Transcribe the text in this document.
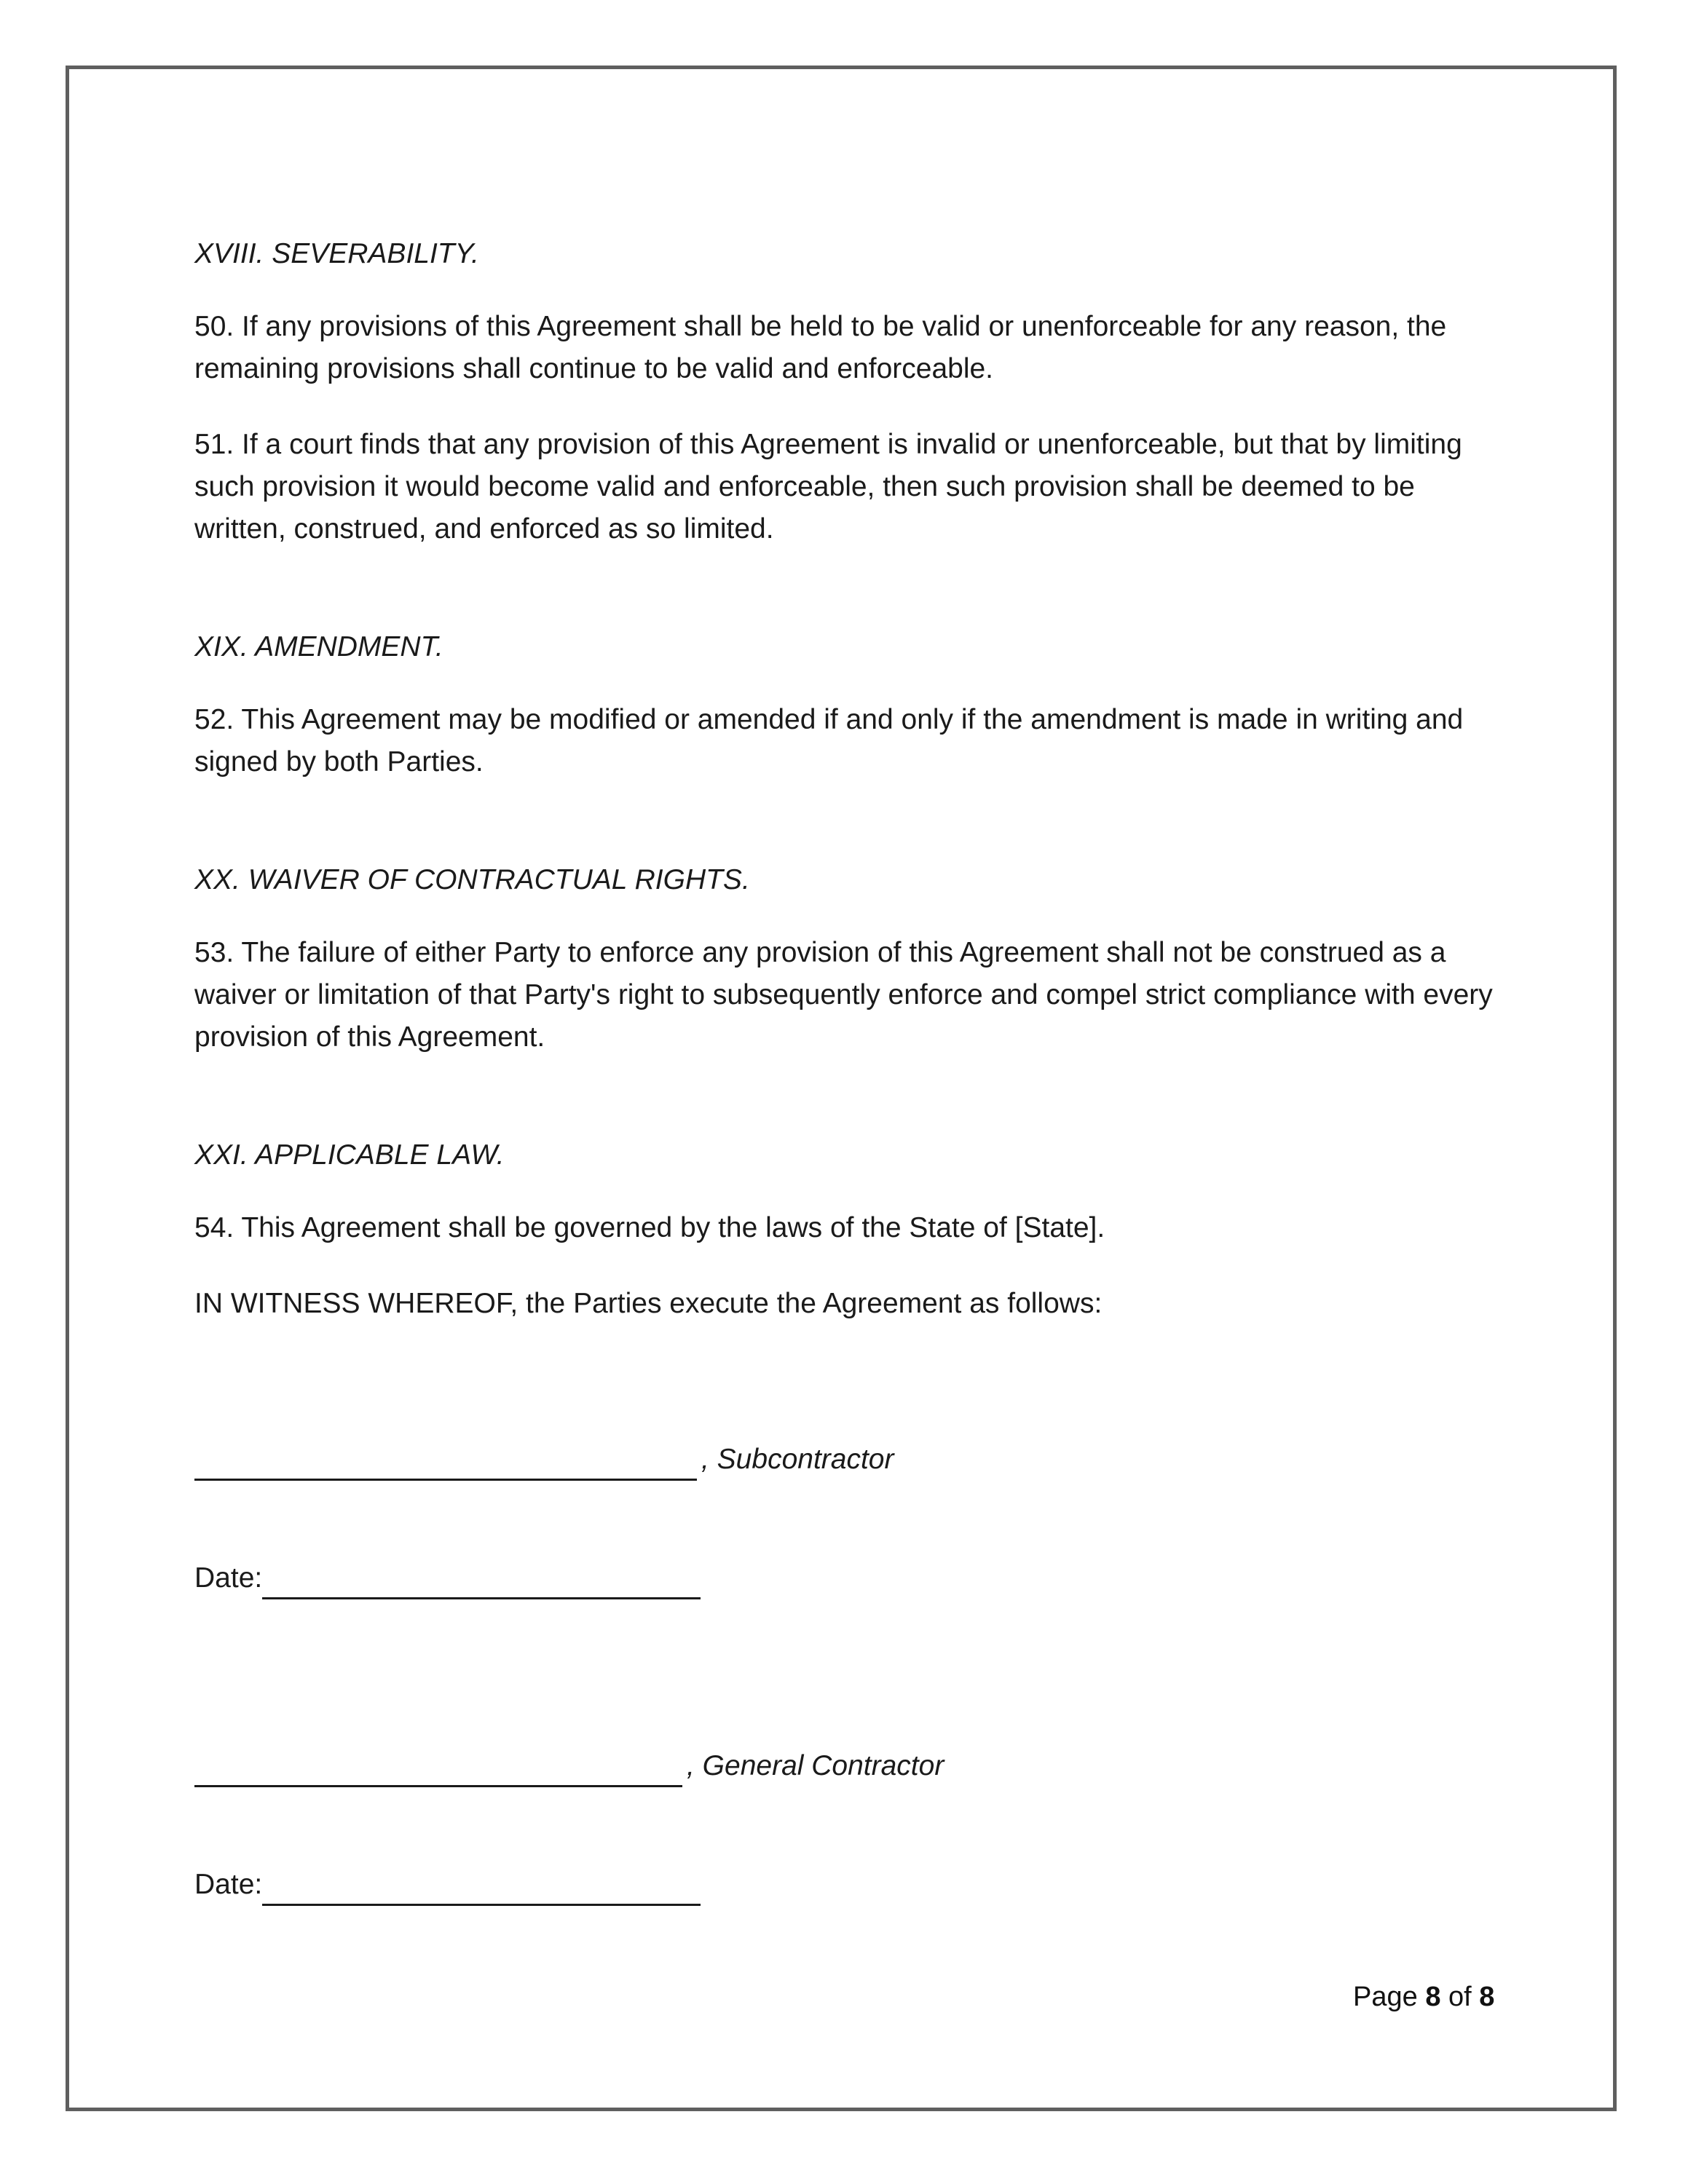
XVIII. SEVERABILITY.
50. If any provisions of this Agreement shall be held to be valid or unenforceable for any reason, the remaining provisions shall continue to be valid and enforceable.
51. If a court finds that any provision of this Agreement is invalid or unenforceable, but that by limiting such provision it would become valid and enforceable, then such provision shall be deemed to be written, construed, and enforced as so limited.
XIX. AMENDMENT.
52. This Agreement may be modified or amended if and only if the amendment is made in writing and signed by both Parties.
XX. WAIVER OF CONTRACTUAL RIGHTS.
53. The failure of either Party to enforce any provision of this Agreement shall not be construed as a waiver or limitation of that Party's right to subsequently enforce and compel strict compliance with every provision of this Agreement.
XXI. APPLICABLE LAW.
54. This Agreement shall be governed by the laws of the State of [State].
IN WITNESS WHEREOF, the Parties execute the Agreement as follows:
, Subcontractor
Date:
, General Contractor
Date:
Page 8 of 8
